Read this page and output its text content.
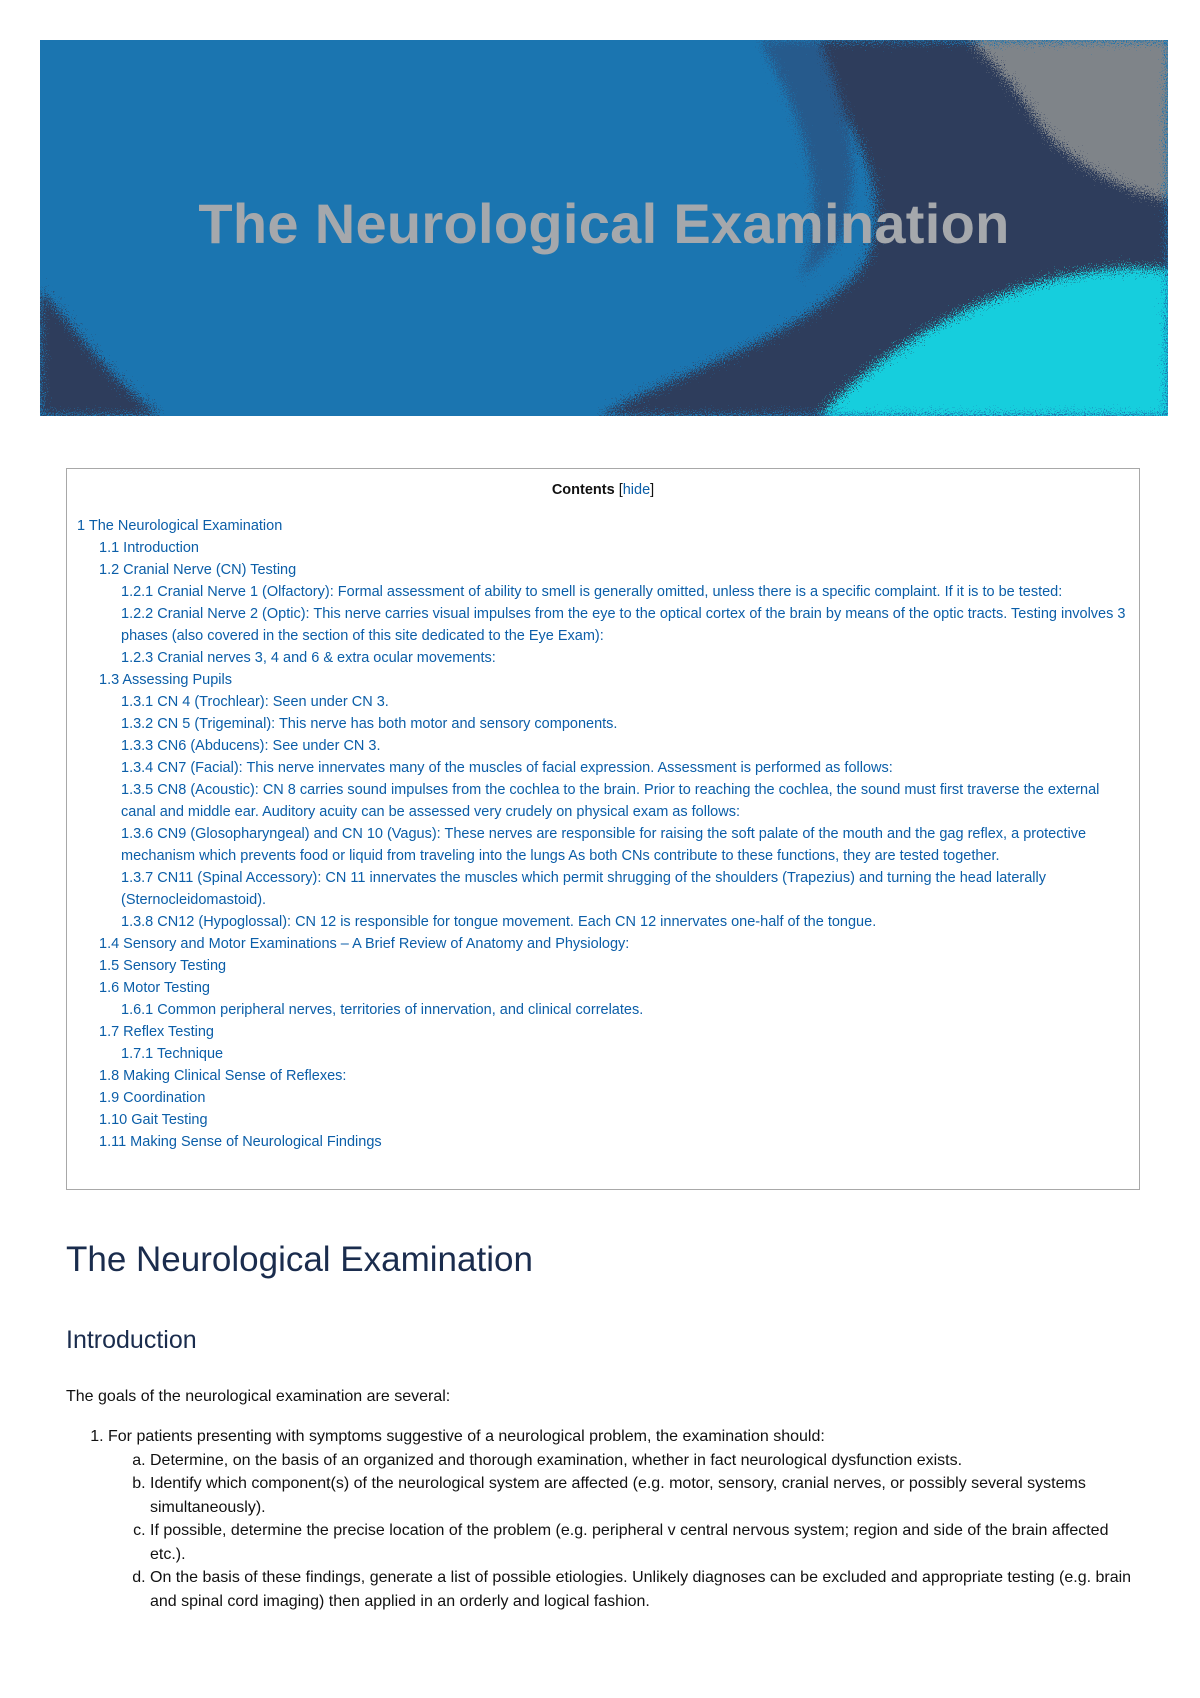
The Neurological Examination
Contents [hide]
1 The Neurological Examination
1.1 Introduction
1.2 Cranial Nerve (CN) Testing
1.2.1 Cranial Nerve 1 (Olfactory): Formal assessment of ability to smell is generally omitted, unless there is a specific complaint. If it is to be tested:
1.2.2 Cranial Nerve 2 (Optic): This nerve carries visual impulses from the eye to the optical cortex of the brain by means of the optic tracts. Testing involves 3 phases (also covered in the section of this site dedicated to the Eye Exam):
1.2.3 Cranial nerves 3, 4 and 6 & extra ocular movements:
1.3 Assessing Pupils
1.3.1 CN 4 (Trochlear): Seen under CN 3.
1.3.2 CN 5 (Trigeminal): This nerve has both motor and sensory components.
1.3.3 CN6 (Abducens): See under CN 3.
1.3.4 CN7 (Facial): This nerve innervates many of the muscles of facial expression. Assessment is performed as follows:
1.3.5 CN8 (Acoustic): CN 8 carries sound impulses from the cochlea to the brain. Prior to reaching the cochlea, the sound must first traverse the external canal and middle ear. Auditory acuity can be assessed very crudely on physical exam as follows:
1.3.6 CN9 (Glosopharyngeal) and CN 10 (Vagus): These nerves are responsible for raising the soft palate of the mouth and the gag reflex, a protective mechanism which prevents food or liquid from traveling into the lungs As both CNs contribute to these functions, they are tested together.
1.3.7 CN11 (Spinal Accessory): CN 11 innervates the muscles which permit shrugging of the shoulders (Trapezius) and turning the head laterally (Sternocleidomastoid).
1.3.8 CN12 (Hypoglossal): CN 12 is responsible for tongue movement. Each CN 12 innervates one-half of the tongue.
1.4 Sensory and Motor Examinations – A Brief Review of Anatomy and Physiology:
1.5 Sensory Testing
1.6 Motor Testing
1.6.1 Common peripheral nerves, territories of innervation, and clinical correlates.
1.7 Reflex Testing
1.7.1 Technique
1.8 Making Clinical Sense of Reflexes:
1.9 Coordination
1.10 Gait Testing
1.11 Making Sense of Neurological Findings
The Neurological Examination
Introduction

The goals of the neurological examination are several:

1. For patients presenting with symptoms suggestive of a neurological problem, the examination should:
a. Determine, on the basis of an organized and thorough examination, whether in fact neurological dysfunction exists.
b. Identify which component(s) of the neurological system are affected (e.g. motor, sensory, cranial nerves, or possibly several systems simultaneously).
c. If possible, determine the precise location of the problem (e.g. peripheral v central nervous system; region and side of the brain affected etc.).
d. On the basis of these findings, generate a list of possible etiologies. Unlikely diagnoses can be excluded and appropriate testing (e.g. brain and spinal cord imaging) then applied in an orderly and logical fashion.
